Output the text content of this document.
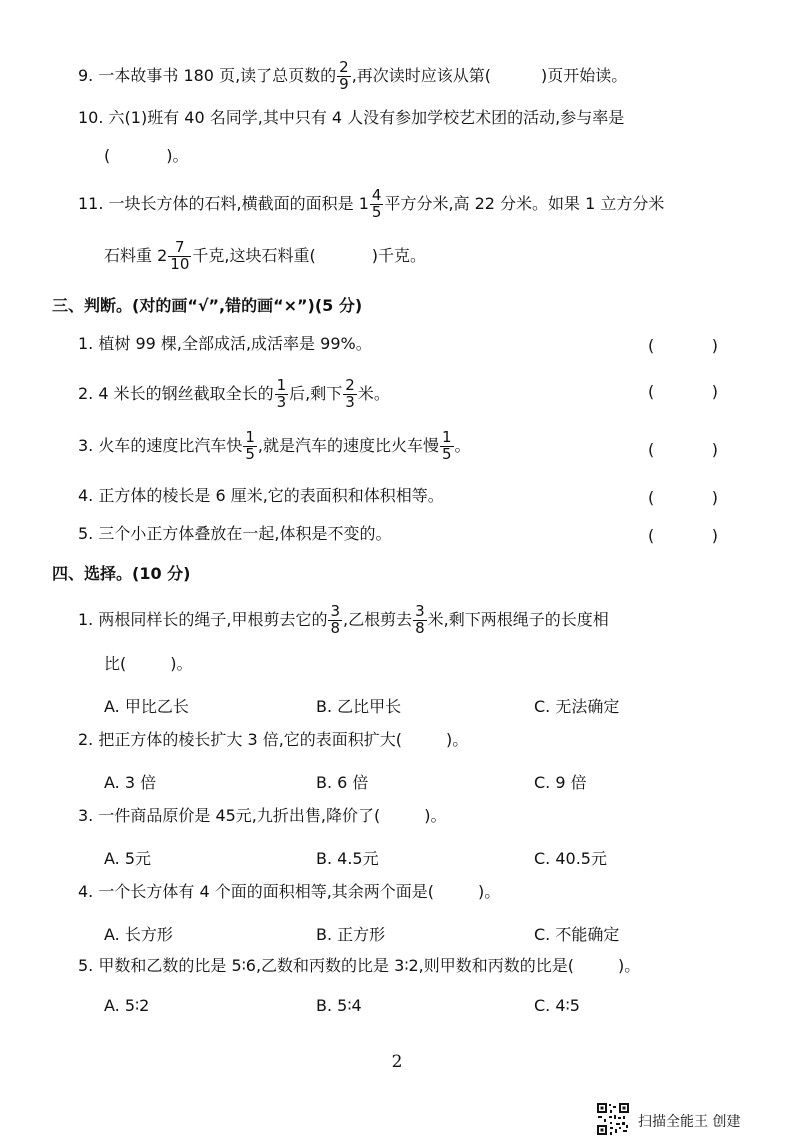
9. 一本故事书 180 页,读了总页数的 $\frac{2}{9}$ ,再次读时应该从第(	)页开始读。
10. 六(1)班有 40 名同学,其中只有 4 人没有参加学校艺术团的活动,参与率是
(	)。
11. 一块长方体的石料,横截面的面积是 $1 \frac{4}{5}$ 平方分米,高 22 分米。如果 1 立方分米
石料重 $2 \frac{7}{10}$ 千克,这块石料重(	)千克。
三、判断。(对的画“√”,错的画“×”)(5 分)
1. 植树 99 棵,全部成活,成活率是 99%。	(	)
2. 4 米长的钢丝截取全长的 $\frac{1}{3}$ 后,剩下 $\frac{2}{3}$ 米。	(	)
3. 火车的速度比汽车快 $\frac{1}{5}$ ,就是汽车的速度比火车慢 $\frac{1}{5}$ 。	(	)
4. 正方体的棱长是 6 厘米,它的表面积和体积相等。	(	)
5. 三个小正方体叠放在一起,体积是不变的。	(	)
四、选择。(10 分)
1. 两根同样长的绳子,甲根剪去它的 $\frac{3}{8}$ ,乙根剪去 $\frac{3}{8}$ 米,剩下两根绳子的长度相
比(	)。
A. 甲比乙长	B. 乙比甲长	C. 无法确定
2. 把正方体的棱长扩大 3 倍,它的表面积扩大(	)。
A. 3 倍	B. 6 倍	C. 9 倍
3. 一件商品原价是 45元,九折出售,降价了(	)。
A. 5元	B. 4.5元	C. 40.5元
4. 一个长方体有 4 个面的面积相等,其余两个面是(	)。
A. 长方形	B. 正方形	C. 不能确定
5. 甲数和乙数的比是 5∶6,乙数和丙数的比是 3∶2,则甲数和丙数的比是(	)。
A. 5∶2	B. 5∶4	C. 4∶5
2
扫描全能王 创建
